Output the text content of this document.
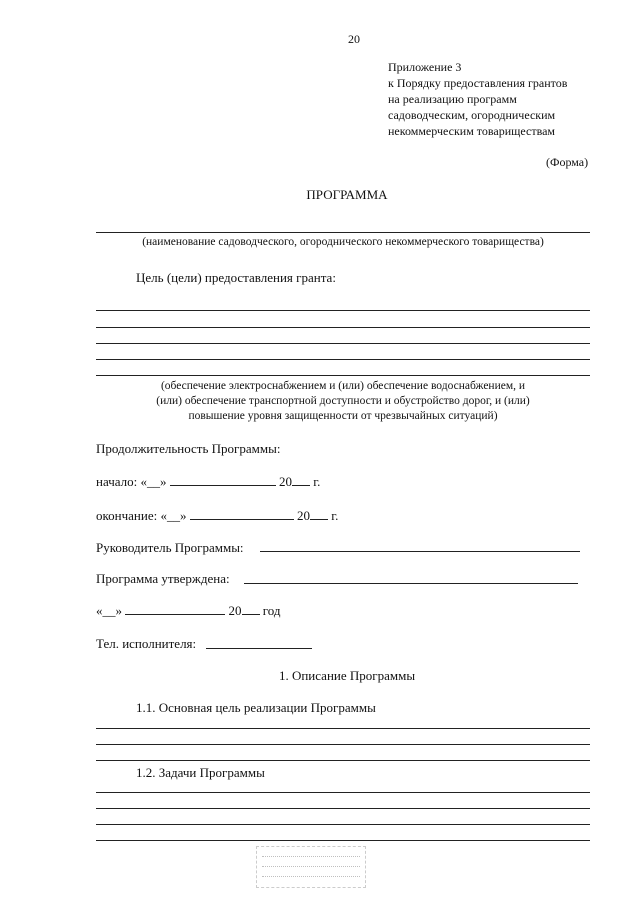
20
Приложение 3
к Порядку предоставления грантов
на реализацию программ
садоводческим, огородническим
некоммерческим товариществам
(Форма)
ПРОГРАММА
(наименование садоводческого, огороднического некоммерческого товарищества)
Цель (цели) предоставления гранта:
(обеспечение электроснабжением и (или) обеспечение водоснабжением, и
(или) обеспечение транспортной доступности и обустройство дорог, и (или)
повышение уровня защищенности от чрезвычайных ситуаций)
Продолжительность Программы:
начало: «__»	20 г.
окончание: «__»	20 г.
Руководитель Программы:
Программа утверждена:
«__»	20 год
Тел. исполнителя:
1. Описание Программы
1.1. Основная цель реализации Программы
1.2. Задачи Программы
